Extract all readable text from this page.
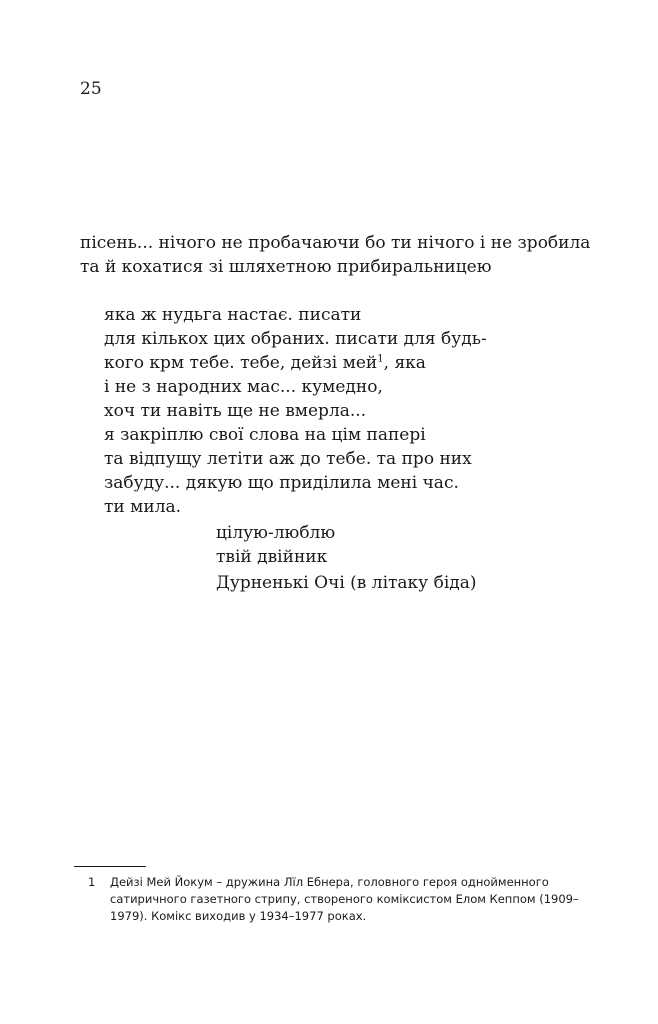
25
пісень... нічого не пробачаючи бо ти нічого і не зробила
та й кохатися зі шляхетною прибиральницею
яка ж нудьга настає. писати
для кількох цих обраних. писати для будь-
кого крм тебе. тебе, дейзі мей$^1$, яка
і не з народних мас... кумедно,
хоч ти навіть ще не вмерла...
я закріплю свої слова на цім папері
та відпущу летіти аж до тебе. та про них
забуду... дякую що приділила мені час.
ти мила.
цілую-люблю
твій двійник
Дурненькі Очі (в літаку біда)
1 Дейзі Мей Йокум – дружина Лїл Ебнера, головного героя однойменного
сатиричного газетного стрипу, створеного коміксистом Елом Кеппом (1909–
1979). Комікс виходив у 1934–1977 роках.
